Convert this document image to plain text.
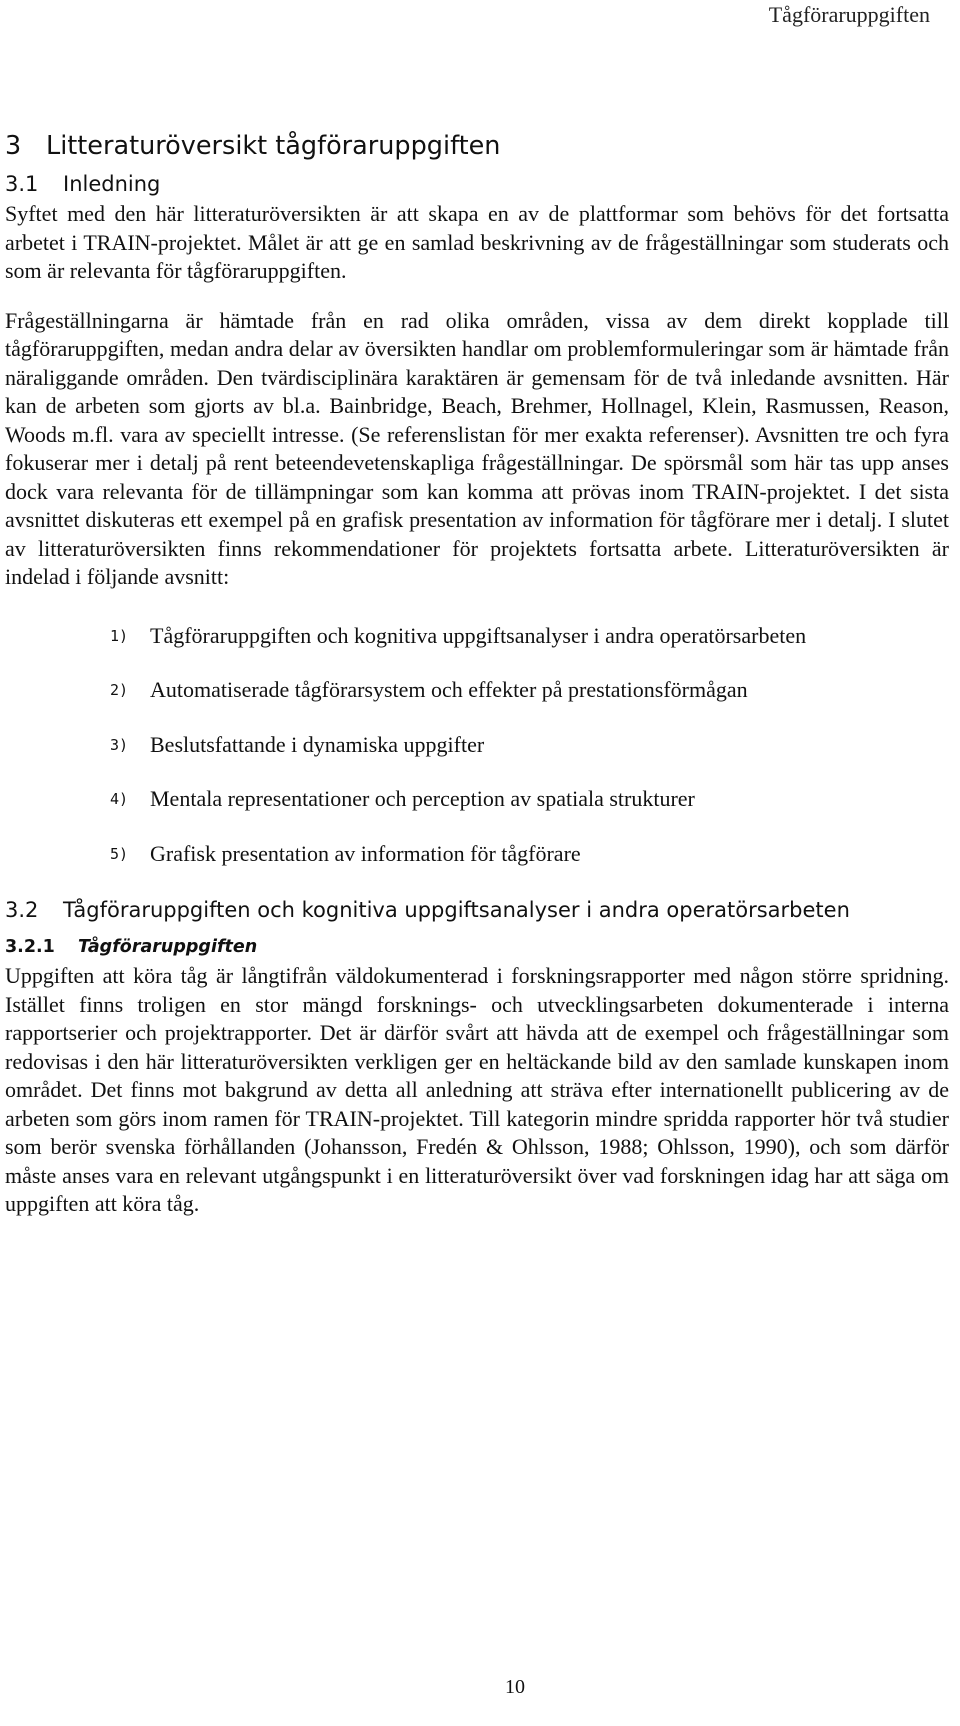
Tågföraruppgiften
3 Litteraturöversikt tågföraruppgiften
3.1 Inledning

Syftet med den här litteraturöversikten är att skapa en av de plattformar som behövs för det fortsatta arbetet i TRAIN-projektet. Målet är att ge en samlad beskrivning av de frågeställningar som studerats och som är relevanta för tågföraruppgiften.

Frågeställningarna är hämtade från en rad olika områden, vissa av dem direkt kopplade till tågföraruppgiften, medan andra delar av översikten handlar om problemformuleringar som är hämtade från näraliggande områden. Den tvärdisciplinära karaktären är gemensam för de två inledande avsnitten. Här kan de arbeten som gjorts av bl.a. Bainbridge, Beach, Brehmer, Hollnagel, Klein, Rasmussen, Reason, Woods m.fl. vara av speciellt intresse. (Se referenslistan för mer exakta referenser). Avsnitten tre och fyra fokuserar mer i detalj på rent beteendevetenskapliga frågeställningar. De spörsmål som här tas upp anses dock vara relevanta för de tillämpningar som kan komma att prövas inom TRAIN-projektet. I det sista avsnittet diskuteras ett exempel på en grafisk presentation av information för tågförare mer i detalj. I slutet av litteraturöversikten finns rekommendationer för projektets fortsatta arbete. Litteraturöversikten är indelad i följande avsnitt:

1) Tågföraruppgiften och kognitiva uppgiftsanalyser i andra operatörsarbeten
2) Automatiserade tågförarsystem och effekter på prestationsförmågan
3) Beslutsfattande i dynamiska uppgifter
4) Mentala representationer och perception av spatiala strukturer
5) Grafisk presentation av information för tågförare
3.2	Tågföraruppgiften och kognitiva uppgiftsanalyser i andra operatörsarbeten
3.2.1 Tågföraruppgiften

Uppgiften att köra tåg är långtifrån väldokumenterad i forskningsrapporter med någon större spridning. Istället finns troligen en stor mängd forsknings- och utvecklingsarbeten dokumenterade i interna rapportserier och projektrapporter. Det är därför svårt att hävda att de exempel och frågeställningar som redovisas i den här litteraturöversikten verkligen ger en heltäckande bild av den samlade kunskapen inom området. Det finns mot bakgrund av detta all anledning att sträva efter internationellt publicering av de arbeten som görs inom ramen för TRAIN-projektet. Till kategorin mindre spridda rapporter hör två studier som berör svenska förhållanden (Johansson, Fredén & Ohlsson, 1988; Ohlsson, 1990), och som därför måste anses vara en relevant utgångspunkt i en litteraturöversikt över vad forskningen idag har att säga om uppgiften att köra tåg.

10
